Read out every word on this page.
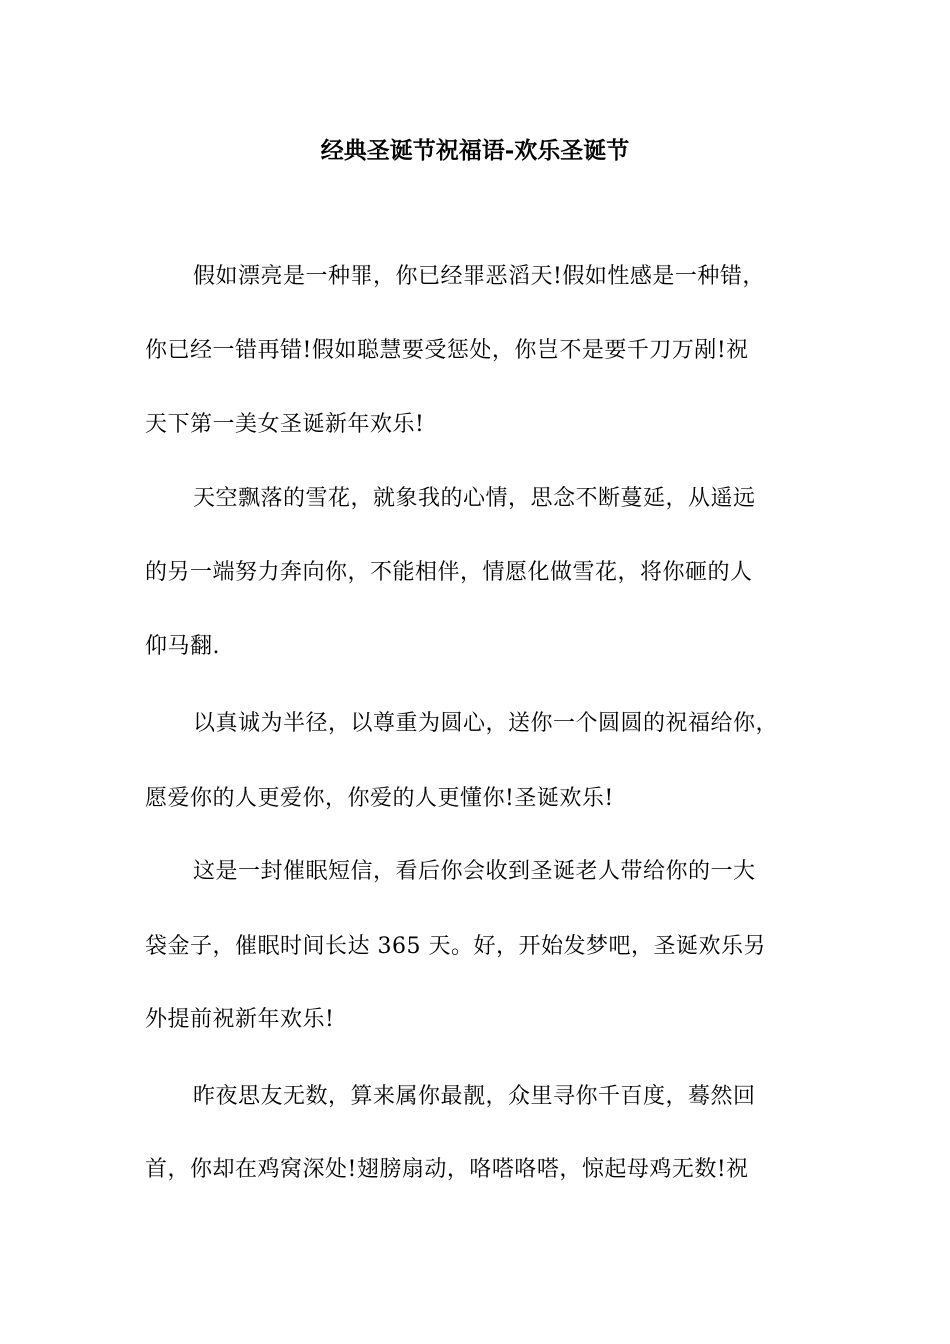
经典圣诞节祝福语-欢乐圣诞节
假如漂亮是一种罪，你已经罪恶滔天!假如性感是一种错，
你已经一错再错!假如聪慧要受惩处，你岂不是要千刀万剐!祝
天下第一美女圣诞新年欢乐!
天空飘落的雪花，就象我的心情，思念不断蔓延，从遥远
的另一端努力奔向你，不能相伴，情愿化做雪花，将你砸的人
仰马翻.
以真诚为半径，以尊重为圆心，送你一个圆圆的祝福给你，
愿爱你的人更爱你，你爱的人更懂你!圣诞欢乐!
这是一封催眠短信，看后你会收到圣诞老人带给你的一大
袋金子，催眠时间长达 365 天。好，开始发梦吧，圣诞欢乐另
外提前祝新年欢乐!
昨夜思友无数，算来属你最靓，众里寻你千百度，蓦然回
首，你却在鸡窝深处!翅膀扇动，咯嗒咯嗒，惊起母鸡无数!祝
